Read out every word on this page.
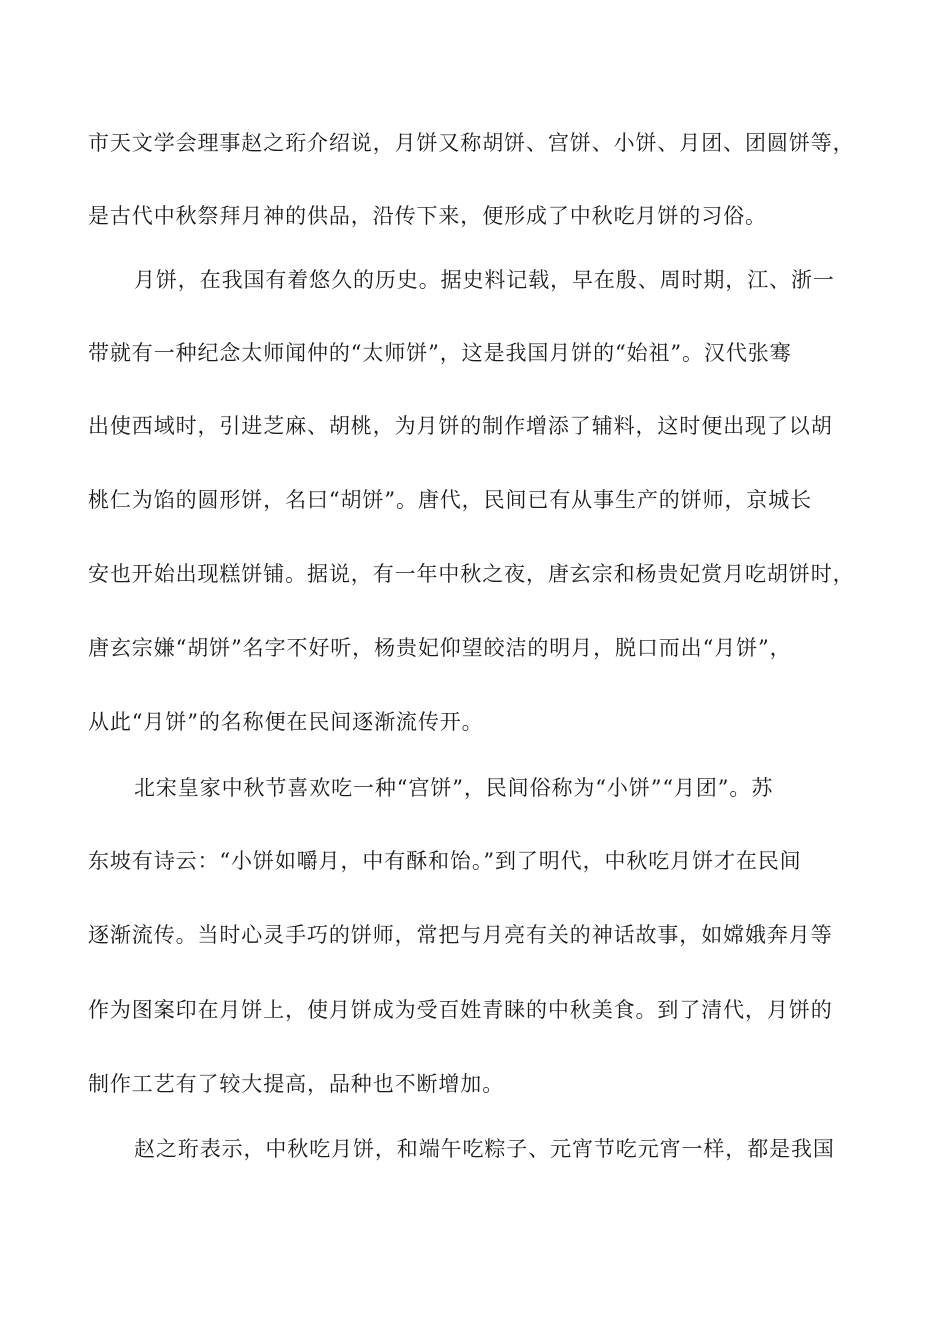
市天文学会理事赵之珩介绍说，月饼又称胡饼、宫饼、小饼、月团、团圆饼等，
是古代中秋祭拜月神的供品，沿传下来，便形成了中秋吃月饼的习俗。
月饼，在我国有着悠久的历史。据史料记载，早在殷、周时期，江、浙一
带就有一种纪念太师闻仲的“太师饼”，这是我国月饼的“始祖”。汉代张骞
出使西域时，引进芝麻、胡桃，为月饼的制作增添了辅料，这时便出现了以胡
桃仁为馅的圆形饼，名曰“胡饼”。唐代，民间已有从事生产的饼师，京城长
安也开始出现糕饼铺。据说，有一年中秋之夜，唐玄宗和杨贵妃赏月吃胡饼时，
唐玄宗嫌“胡饼”名字不好听，杨贵妃仰望皎洁的明月，脱口而出“月饼”，
从此“月饼”的名称便在民间逐渐流传开。
北宋皇家中秋节喜欢吃一种“宫饼”，民间俗称为“小饼”“月团”。苏
东坡有诗云：“小饼如嚼月，中有酥和饴。”到了明代，中秋吃月饼才在民间
逐渐流传。当时心灵手巧的饼师，常把与月亮有关的神话故事，如嫦娥奔月等
作为图案印在月饼上，使月饼成为受百姓青睐的中秋美食。到了清代，月饼的
制作工艺有了较大提高，品种也不断增加。
赵之珩表示，中秋吃月饼，和端午吃粽子、元宵节吃元宵一样，都是我国
